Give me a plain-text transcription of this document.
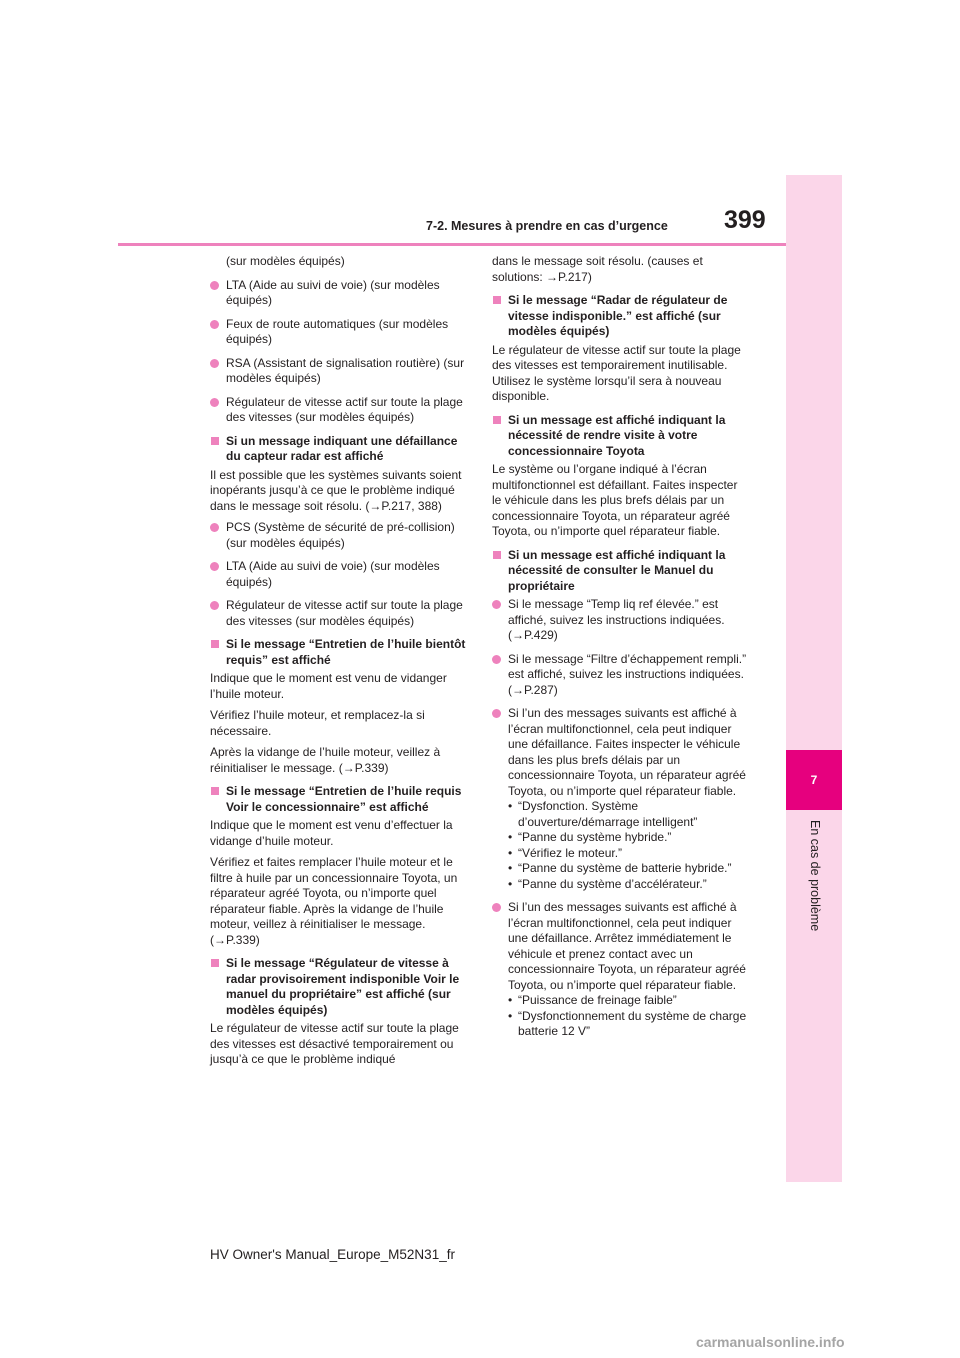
7-2. Mesures à prendre en cas d’urgence	399
7
En cas de problème
(sur modèles équipés)
LTA (Aide au suivi de voie) (sur modèles équipés)
Feux de route automatiques (sur modèles équipés)
RSA (Assistant de signalisation routière) (sur modèles équipés)
Régulateur de vitesse actif sur toute la plage des vitesses (sur modèles équipés)
Si un message indiquant une défaillance du capteur radar est affiché

Il est possible que les systèmes suivants soient inopérants jusqu’à ce que le problème indiqué dans le message soit résolu. (→P.217, 388)

PCS (Système de sécurité de pré-collision) (sur modèles équipés)
LTA (Aide au suivi de voie) (sur modèles équipés)
Régulateur de vitesse actif sur toute la plage des vitesses (sur modèles équipés)
Si le message “Entretien de l’huile bientôt requis” est affiché

Indique que le moment est venu de vidanger l’huile moteur.

Vérifiez l’huile moteur, et remplacez-la si nécessaire.

Après la vidange de l’huile moteur, veillez à réinitialiser le message. (→P.339)

Si le message “Entretien de l’huile requis Voir le concessionnaire” est affiché

Indique que le moment est venu d’effectuer la vidange d’huile moteur.

Vérifiez et faites remplacer l’huile moteur et le filtre à huile par un concessionnaire Toyota, un réparateur agréé Toyota, ou n’importe quel réparateur fiable. Après la vidange de l’huile moteur, veillez à réinitialiser le message. (→P.339)

Si le message “Régulateur de vitesse à radar provisoirement indisponible Voir le manuel du propriétaire” est affiché (sur modèles équipés)

Le régulateur de vitesse actif sur toute la plage des vitesses est désactivé temporairement ou jusqu’à ce que le problème indiqué

dans le message soit résolu. (causes et solutions: →P.217)

Si le message “Radar de régulateur de vitesse indisponible.” est affiché (sur modèles équipés)

Le régulateur de vitesse actif sur toute la plage des vitesses est temporairement inutilisable. Utilisez le système lorsqu’il sera à nouveau disponible.

Si un message est affiché indiquant la nécessité de rendre visite à votre concessionnaire Toyota

Le système ou l’organe indiqué à l’écran multifonctionnel est défaillant. Faites inspecter le véhicule dans les plus brefs délais par un concessionnaire Toyota, un réparateur agréé Toyota, ou n’importe quel réparateur fiable.

Si un message est affiché indiquant la nécessité de consulter le Manuel du propriétaire
Si le message “Temp liq ref élevée.” est affiché, suivez les instructions indiquées. (→P.429)
Si le message “Filtre d’échappement rempli.” est affiché, suivez les instructions indiquées. (→P.287)
Si l’un des messages suivants est affiché à l’écran multifonctionnel, cela peut indiquer une défaillance. Faites inspecter le véhicule dans les plus brefs délais par un concessionnaire Toyota, un réparateur agréé Toyota, ou n’importe quel réparateur fiable.
• “Dysfonction. Système d’ouverture/démarrage intelligent”
• “Panne du système hybride.”
• “Vérifiez le moteur.”
• “Panne du système de batterie hybride.”
• “Panne du système d’accélérateur.”
Si l’un des messages suivants est affiché à l’écran multifonctionnel, cela peut indiquer une défaillance. Arrêtez immédiatement le véhicule et prenez contact avec un concessionnaire Toyota, un réparateur agréé Toyota, ou n’importe quel réparateur fiable.
• “Puissance de freinage faible”
• “Dysfonctionnement du système de charge batterie 12 V”
HV Owner's Manual_Europe_M52N31_fr
carmanualsonline.info
